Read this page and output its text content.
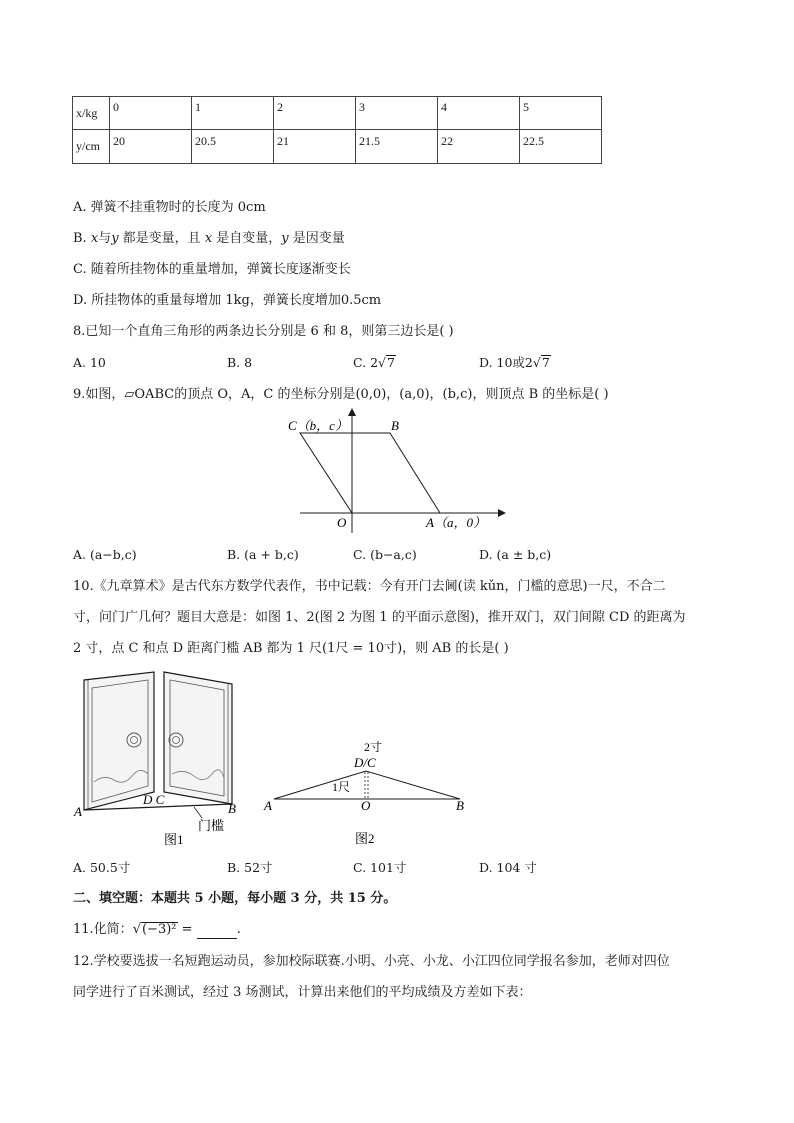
x/kg	0	1	2	3	4	5
y/cm	20	20.5	21	21.5	22	22.5
A. 弹簧不挂重物时的长度为 0cm
B. x与y 都是变量，且 x 是自变量，y 是因变量
C. 随着所挂物体的重量增加，弹簧长度逐渐变长
D. 所挂物体的重量每增加 1kg，弹簧长度增加0.5cm
8.已知一个直角三角形的两条边长分别是 6 和 8，则第三边长是( )
A. 10	B. 8	C. 2√7	D. 10或2√7
9.如图，▱OABC的顶点 O，A，C 的坐标分别是(0,0)，(a,0)，(b,c)，则顶点 B 的坐标是( )
C（b，c）	B
O	A（a，0）
A. (a−b,c)	B. (a + b,c)	C. (b−a,c)	D. (a ± b,c)
10.《九章算术》是古代东方数学代表作，书中记载：今有开门去阃(读 kǔn，门槛的意思)一尺，不合二
寸，问门广几何？题目大意是：如图 1、2(图 2 为图 1 的平面示意图)，推开双门，双门间隙 CD 的距离为
2 寸，点 C 和点 D 距离门槛 AB 都为 1 尺(1尺 = 10寸)，则 AB 的长是( )
A
D C
B
门槛
图1
2寸
D/C
1尺
A	O	B
图2
A. 50.5寸	B. 52寸	C. 101寸	D. 104 寸
二、填空题：本题共 5 小题，每小题 3 分，共 15 分。
11.化简：√(−3)² =	.
12.学校要选拔一名短跑运动员，参加校际联赛.小明、小亮、小龙、小江四位同学报名参加，老师对四位
同学进行了百米测试，经过 3 场测试，计算出来他们的平均成绩及方差如下表：
